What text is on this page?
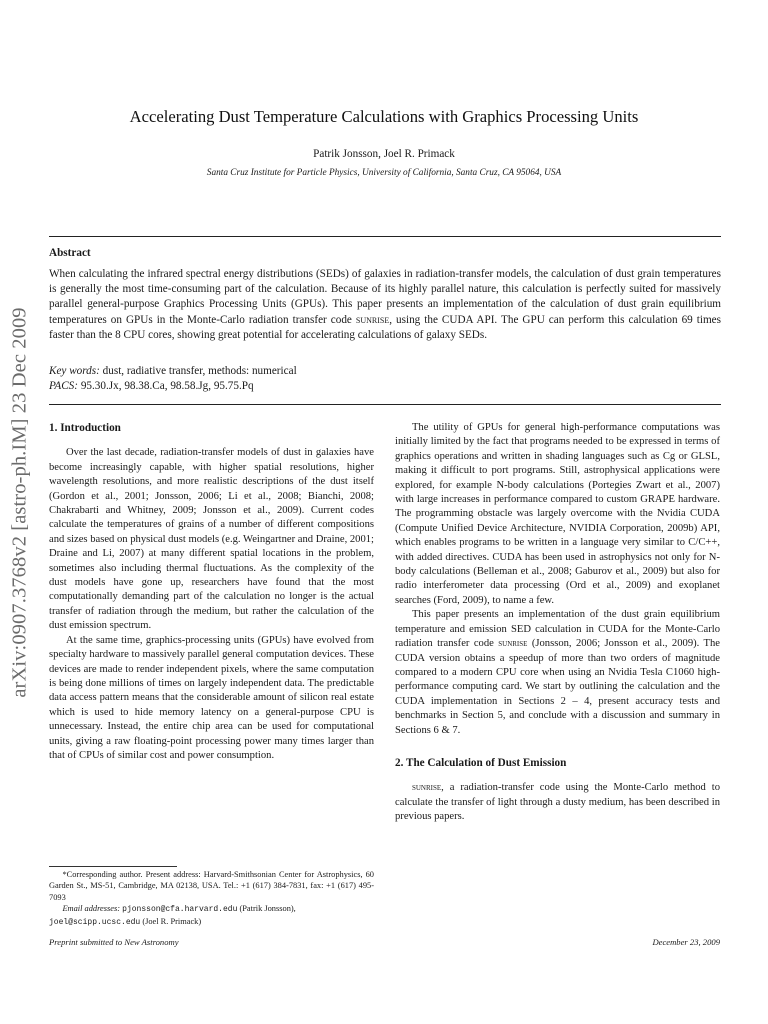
arXiv:0907.3768v2 [astro-ph.IM] 23 Dec 2009
Accelerating Dust Temperature Calculations with Graphics Processing Units
Patrik Jonsson, Joel R. Primack
Santa Cruz Institute for Particle Physics, University of California, Santa Cruz, CA 95064, USA
Abstract
When calculating the infrared spectral energy distributions (SEDs) of galaxies in radiation-transfer models, the calculation of dust grain temperatures is generally the most time-consuming part of the calculation. Because of its highly parallel nature, this calculation is perfectly suited for massively parallel general-purpose Graphics Processing Units (GPUs). This paper presents an implementation of the calculation of dust grain equilibrium temperatures on GPUs in the Monte-Carlo radiation transfer code sunrise, using the CUDA API. The GPU can perform this calculation 69 times faster than the 8 CPU cores, showing great potential for accelerating calculations of galaxy SEDs.
Key words: dust, radiative transfer, methods: numerical
PACS: 95.30.Jx, 98.38.Ca, 98.58.Jg, 95.75.Pq
1. Introduction

Over the last decade, radiation-transfer models of dust in galaxies have become increasingly capable, with higher spatial resolutions, higher wavelength resolutions, and more realistic descriptions of the dust itself (Gordon et al., 2001; Jonsson, 2006; Li et al., 2008; Bianchi, 2008; Chakrabarti and Whitney, 2009; Jonsson et al., 2009). Current codes calculate the temperatures of grains of a number of different compositions and sizes based on physical dust models (e.g. Weingartner and Draine, 2001; Draine and Li, 2007) at many different spatial locations in the problem, sometimes also including thermal fluctuations. As the complexity of the dust models have gone up, researchers have found that the most computationally demanding part of the calculation no longer is the actual transfer of radiation through the medium, but rather the calculation of the dust emission spectrum.

At the same time, graphics-processing units (GPUs) have evolved from specialty hardware to massively parallel general computation devices. These devices are made to render independent pixels, where the same computation is being done millions of times on largely independent data. The predictable data access pattern means that the considerable amount of silicon real estate which is used to hide memory latency on a general-purpose CPU is unnecessary. Instead, the entire chip area can be used for computational units, giving a raw floating-point processing power many times larger than that of CPUs of similar cost and power consumption.

The utility of GPUs for general high-performance computations was initially limited by the fact that programs needed to be expressed in terms of graphics operations and written in shading languages such as Cg or GLSL, making it difficult to port programs. Still, astrophysical applications were explored, for example N-body calculations (Portegies Zwart et al., 2007) with large increases in performance compared to custom GRAPE hardware. The programming obstacle was largely overcome with the Nvidia CUDA (Compute Unified Device Architecture, NVIDIA Corporation, 2009b) API, which enables programs to be written in a language very similar to C/C++, with added directives. CUDA has been used in astrophysics not only for N-body calculations (Belleman et al., 2008; Gaburov et al., 2009) but also for radio interferometer data processing (Ord et al., 2009) and exoplanet searches (Ford, 2009), to name a few.

This paper presents an implementation of the dust grain equilibrium temperature and emission SED calculation in CUDA for the Monte-Carlo radiation transfer code sunrise (Jonsson, 2006; Jonsson et al., 2009). The CUDA version obtains a speedup of more than two orders of magnitude compared to a modern CPU core when using an Nvidia Tesla C1060 high-performance computing card. We start by outlining the calculation and the CUDA implementation in Sections 2 – 4, present accuracy tests and benchmarks in Section 5, and conclude with a discussion and summary in Sections 6 & 7.

2. The Calculation of Dust Emission

sunrise, a radiation-transfer code using the Monte-Carlo method to calculate the transfer of light through a dusty medium, has been described in previous papers.

*Corresponding author. Present address: Harvard-Smithsonian Center for Astrophysics, 60 Garden St., MS-51, Cambridge, MA 02138, USA. Tel.: +1 (617) 384-7831, fax: +1 (617) 495-7093

Email addresses: pjonsson@cfa.harvard.edu (Patrik Jonsson),
joel@scipp.ucsc.edu (Joel R. Primack)

Preprint submitted to New Astronomy	December 23, 2009
